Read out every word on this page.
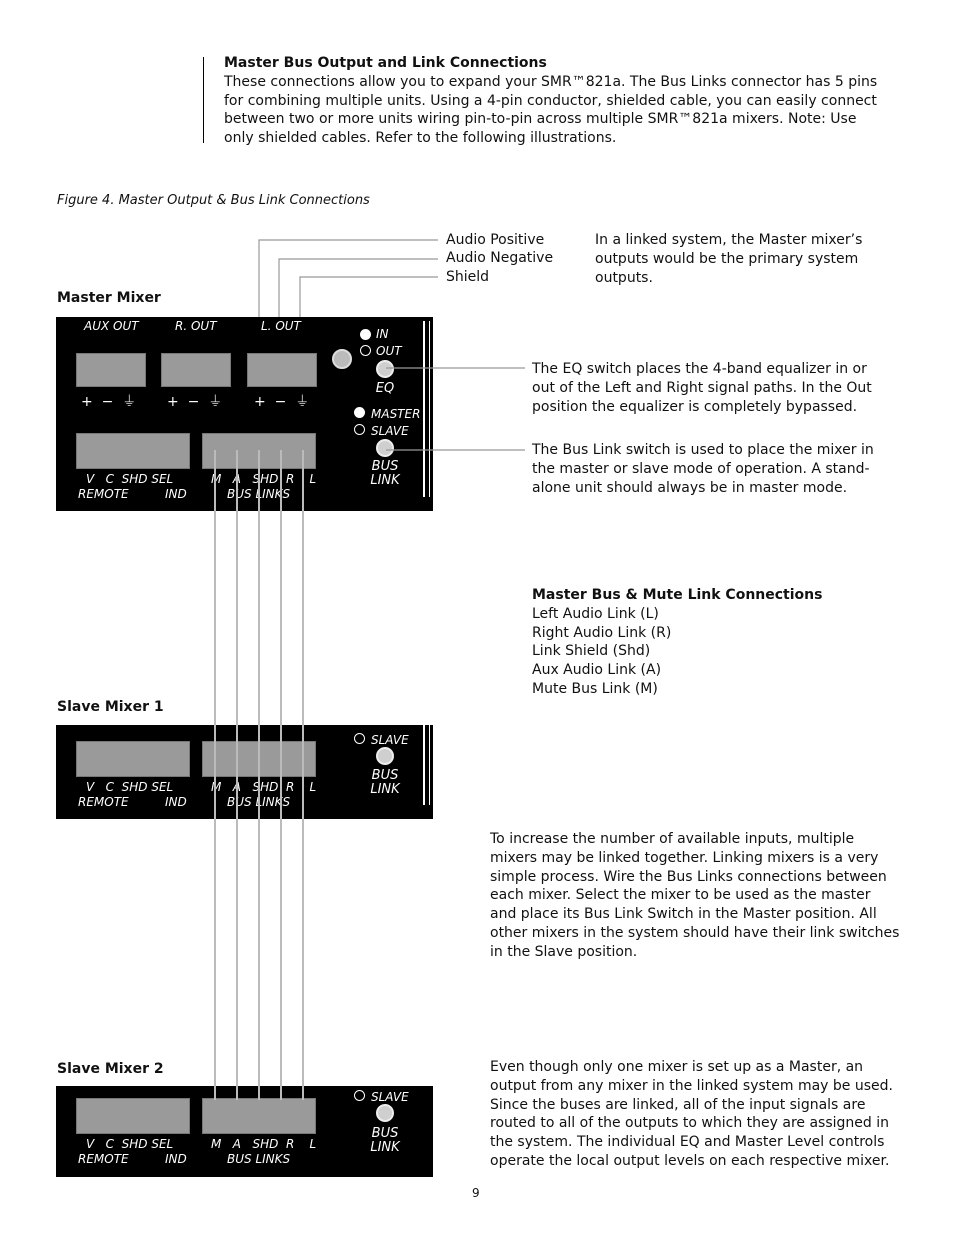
Master Bus Output and Link Connections
These connections allow you to expand your SMR™821a. The Bus Links connector has 5 pins for combining multiple units. Using a 4-pin conductor, shielded cable, you can easily connect between two or more units wiring pin-to-pin across multiple SMR™821a mixers. Note: Use only shielded cables. Refer to the following illustrations.
Figure 4. Master Output & Bus Link Connections
Audio Positive
Audio Negative
Shield
In a linked system, the Master mixer’s outputs would be the primary system outputs.
The EQ switch places the 4-band equalizer in or out of the Left and Right signal paths. In the Out position the equalizer is completely bypassed.
The Bus Link switch is used to place the mixer in the master or slave mode of operation. A stand-alone unit should always be in master mode.
Master Bus & Mute Link Connections
Left Audio Link (L)
Right Audio Link (R)
Link Shield (Shd)
Aux Audio Link (A)
Mute Bus Link (M)
To increase the number of available inputs, multiple mixers may be linked together. Linking mixers is a very simple process. Wire the Bus Links connections between each mixer. Select the mixer to be used as the master and place its Bus Link Switch in the Master position. All other mixers in the system should have their link switches in the Slave position.
Even though only one mixer is set up as a Master, an output from any mixer in the linked system may be used. Since the buses are linked, all of the input signals are routed to all of the outputs to which they are assigned in the system. The individual EQ and Master Level controls operate the local output levels on each respective mixer.
Master Mixer
Slave Mixer 1
Slave Mixer 2
AUX OUT	R. OUT	L. OUT
+  −  ⏚ +  −  ⏚ +  −  ⏚
IN
OUT
EQ
MASTER
SLAVE
BUS
LINK
V   C  SHD SEL
REMOTE	IND
M   A   SHD  R    L
BUS LINKS
SLAVE
BUS
LINK
V   C  SHD SEL
REMOTE	IND
M   A   SHD  R    L
BUS LINKS
SLAVE
BUS
LINK
V   C  SHD SEL
REMOTE	IND
M   A   SHD  R    L
BUS LINKS
9
